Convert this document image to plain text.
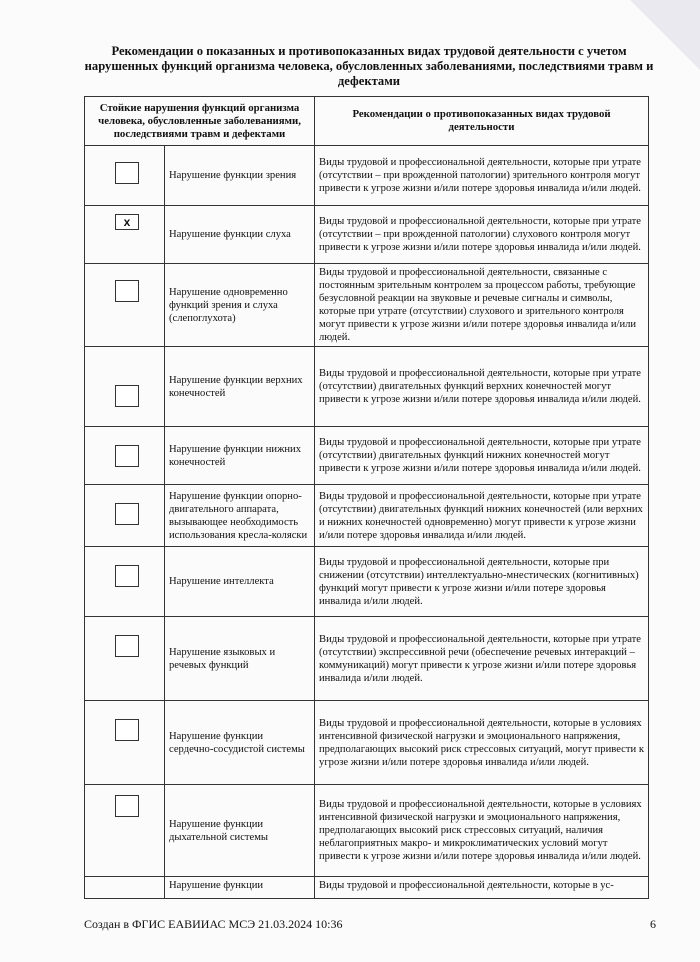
Рекомендации о показанных и противопоказанных видах трудовой деятельности с учетом нарушенных функций организма человека, обусловленных заболеваниями, последствиями травм и дефектами
Стойкие нарушения функций организма человека, обусловленные заболеваниями, последствиями травм и дефектами		Рекомендации о противопоказанных видах трудовой деятельности

	Нарушение функции зрения	Виды трудовой и профессиональной деятельности, которые при утрате (отсутствии – при врожденной патологии) зрительного контроля могут привести к угрозе жизни и/или потере здоровья инвалида и/или людей.

x	Нарушение функции слуха	Виды трудовой и профессиональной деятельности, которые при утрате (отсутствии – при врожденной патологии) слухового контроля могут привести к угрозе жизни и/или потере здоровья инвалида и/или людей.

	Нарушение одновременно функций зрения и слуха (слепоглухота)	Виды трудовой и профессиональной деятельности, связанные с постоянным зрительным контролем за процессом работы, требующие безусловной реакции на звуковые и речевые сигналы и символы, которые при утрате (отсутствии) слухового и зрительного контроля могут привести к угрозе жизни и/или потере здоровья инвалида и/или людей.

	Нарушение функции верхних конечностей	Виды трудовой и профессиональной деятельности, которые при утрате (отсутствии) двигательных функций верхних конечностей могут привести к угрозе жизни и/или потере здоровья инвалида и/или людей.

	Нарушение функции нижних конечностей	Виды трудовой и профессиональной деятельности, которые при утрате (отсутствии) двигательных функций нижних конечностей могут привести к угрозе жизни и/или потере здоровья инвалида и/или людей.

	Нарушение функции опорно-двигательного аппарата, вызывающее необходимость использования кресла-коляски	Виды трудовой и профессиональной деятельности, которые при утрате (отсутствии) двигательных функций нижних конечностей (или верхних и нижних конечностей одновременно) могут привести к угрозе жизни и/или потере здоровья инвалида и/или людей.

	Нарушение интеллекта	Виды трудовой и профессиональной деятельности, которые при снижении (отсутствии) интеллектуально-мнестических (когнитивных) функций могут привести к угрозе жизни и/или потере здоровья инвалида и/или людей.

	Нарушение языковых и речевых функций	Виды трудовой и профессиональной деятельности, которые при утрате (отсутствии) экспрессивной речи (обеспечение речевых интеракций – коммуникаций) могут привести к угрозе жизни и/или потере здоровья инвалида и/или людей.

	Нарушение функции сердечно-сосудистой системы	Виды трудовой и профессиональной деятельности, которые в условиях интенсивной физической нагрузки и эмоционального напряжения, предполагающих высокий риск стрессовых ситуаций, могут привести к угрозе жизни и/или потере здоровья инвалида и/или людей.

	Нарушение функции дыхательной системы	Виды трудовой и профессиональной деятельности, которые в условиях интенсивной физической нагрузки и эмоционального напряжения, предполагающих высокий риск стрессовых ситуаций, наличия неблагоприятных макро- и микроклиматических условий могут привести к угрозе жизни и/или потере здоровья инвалида и/или людей.
	Нарушение функции	Виды трудовой и профессиональной деятельности, которые в ус-
Создан в ФГИС ЕАВИИАС МСЭ 21.03.2024 10:36	6
